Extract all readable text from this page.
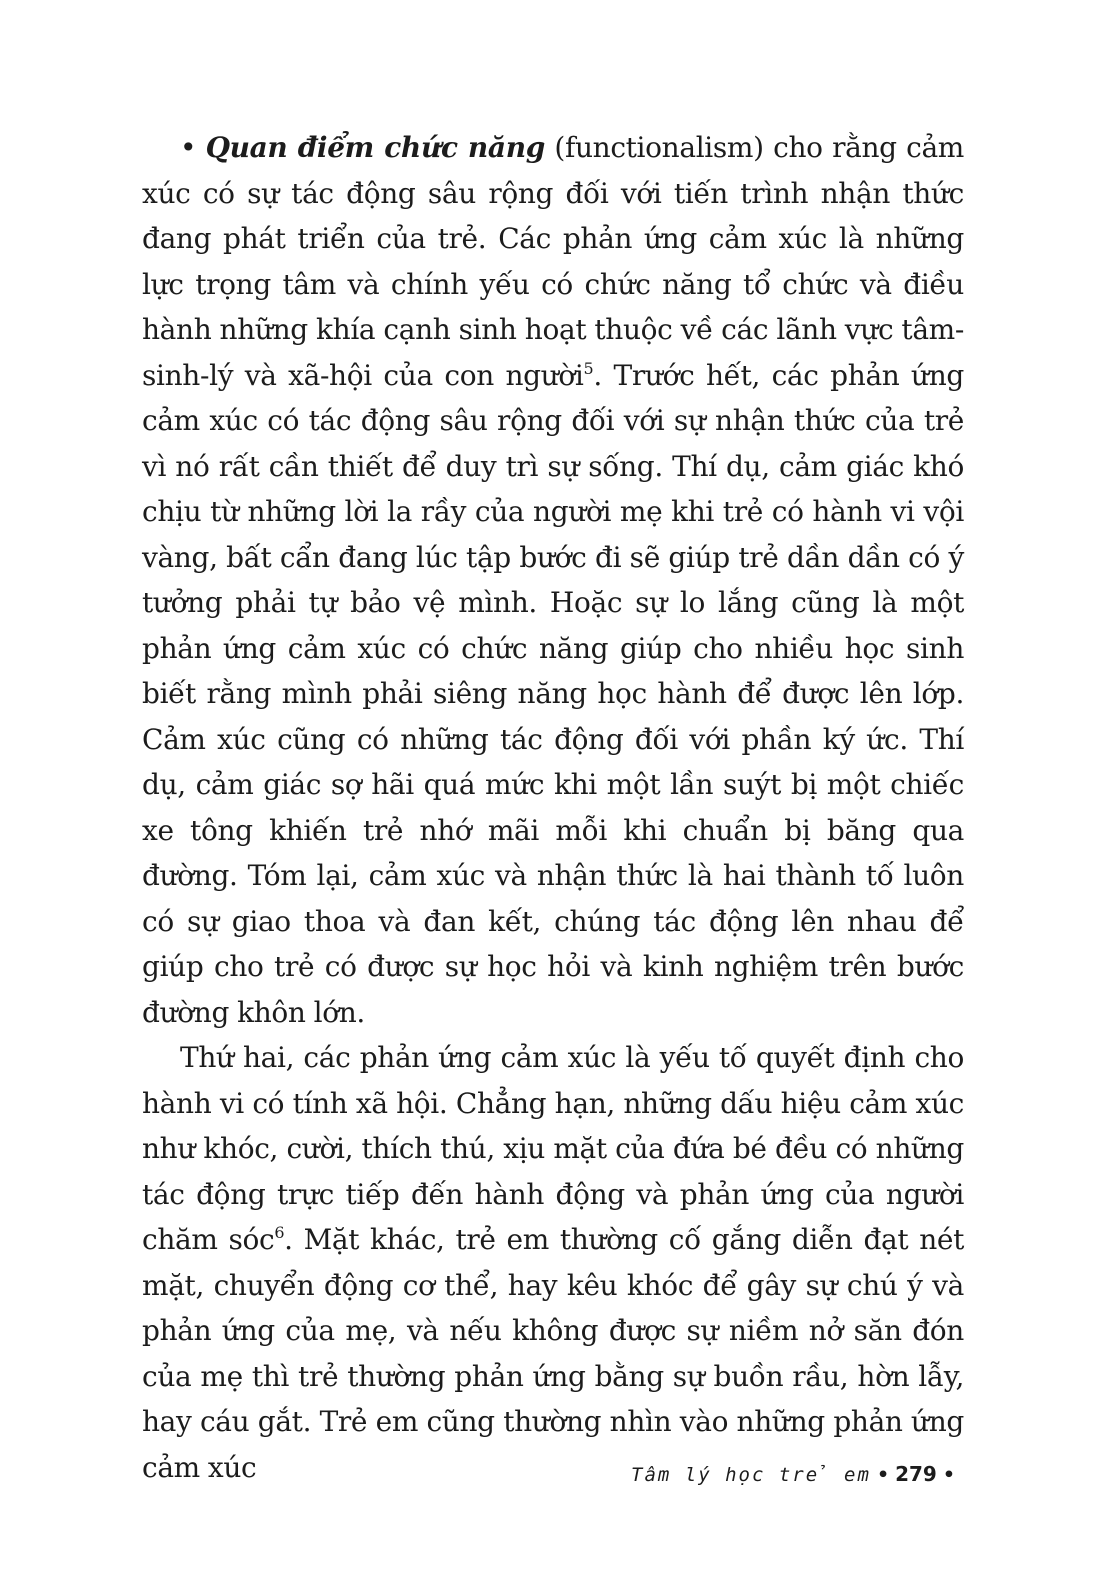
• Quan điểm chức năng (functionalism) cho rằng cảm xúc có sự tác động sâu rộng đối với tiến trình nhận thức đang phát triển của trẻ. Các phản ứng cảm xúc là những lực trọng tâm và chính yếu có chức năng tổ chức và điều hành những khía cạnh sinh hoạt thuộc về các lãnh vực tâm-sinh-lý và xã-hội của con người$^5$. Trước hết, các phản ứng cảm xúc có tác động sâu rộng đối với sự nhận thức của trẻ vì nó rất cần thiết để duy trì sự sống. Thí dụ, cảm giác khó chịu từ những lời la rầy của người mẹ khi trẻ có hành vi vội vàng, bất cẩn đang lúc tập bước đi sẽ giúp trẻ dần dần có ý tưởng phải tự bảo vệ mình. Hoặc sự lo lắng cũng là một phản ứng cảm xúc có chức năng giúp cho nhiều học sinh biết rằng mình phải siêng năng học hành để được lên lớp. Cảm xúc cũng có những tác động đối với phần ký ức. Thí dụ, cảm giác sợ hãi quá mức khi một lần suýt bị một chiếc xe tông khiến trẻ nhớ mãi mỗi khi chuẩn bị băng qua đường. Tóm lại, cảm xúc và nhận thức là hai thành tố luôn có sự giao thoa và đan kết, chúng tác động lên nhau để giúp cho trẻ có được sự học hỏi và kinh nghiệm trên bước đường khôn lớn.

Thứ hai, các phản ứng cảm xúc là yếu tố quyết định cho hành vi có tính xã hội. Chẳng hạn, những dấu hiệu cảm xúc như khóc, cười, thích thú, xịu mặt của đứa bé đều có những tác động trực tiếp đến hành động và phản ứng của người chăm sóc$^6$. Mặt khác, trẻ em thường cố gắng diễn đạt nét mặt, chuyển động cơ thể, hay kêu khóc để gây sự chú ý và phản ứng của mẹ, và nếu không được sự niềm nở săn đón của mẹ thì trẻ thường phản ứng bằng sự buồn rầu, hờn lẫy, hay cáu gắt. Trẻ em cũng thường nhìn vào những phản ứng cảm xúc	Tâm lý học trẻ em • 279 •
